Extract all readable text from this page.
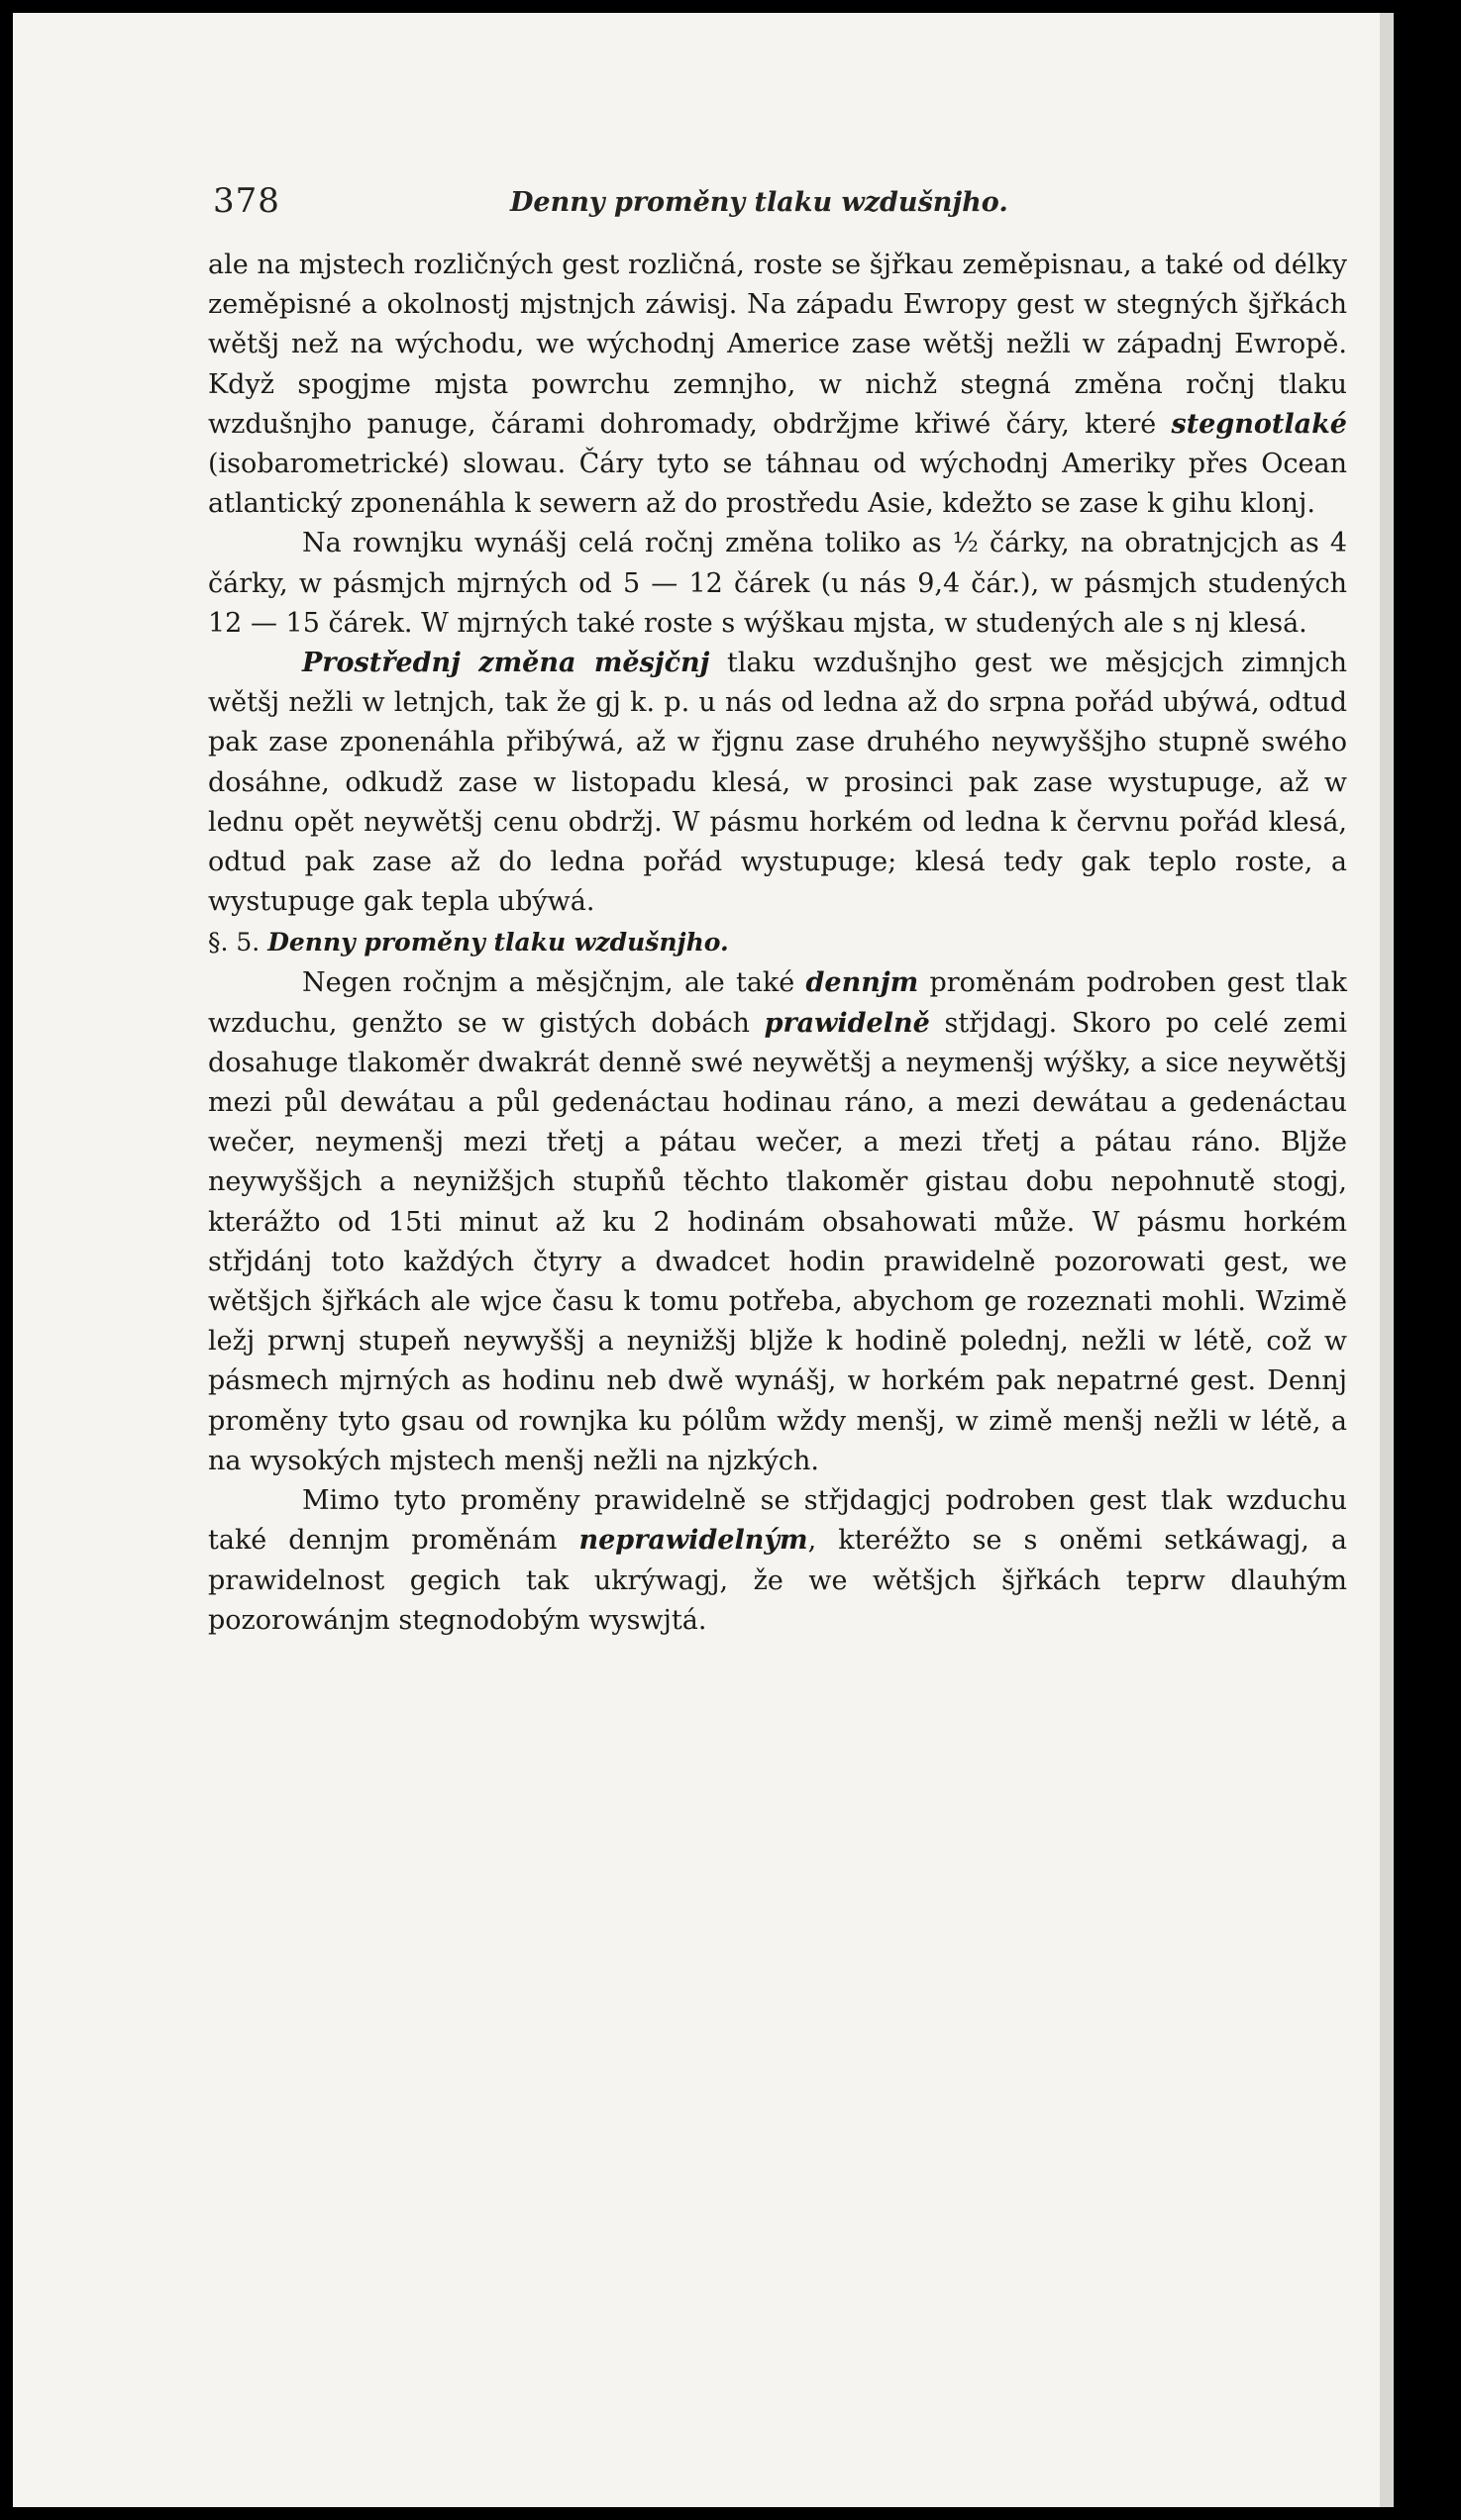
378	Denny proměny tlaku wzdušnjho.

ale na mjstech rozličných gest rozličná, roste se šjřkau zeměpisnau, a také od délky zeměpisné a okolnostj mjstnjch záwisj. Na západu Ewropy gest w stegných šjřkách wětšj než na wýchodu, we wýchodnj Americe zase wětšj nežli w západnj Ewropě. Když spogjme mjsta powrchu zemnjho, w nichž stegná změna ročnj tlaku wzdušnjho panuge, čárami dohromady, obdržjme křiwé čáry, které stegnotlaké (isobarometrické) slowau. Čáry tyto se táhnau od wýchodnj Ameriky přes Ocean atlantický zponenáhla k sewern až do prostředu Asie, kdežto se zase k gihu klonj.

Na rownjku wynášj celá ročnj změna toliko as ½ čárky, na obratnjcjch as 4 čárky, w pásmjch mjrných od 5 — 12 čárek (u nás 9,4 čár.), w pásmjch studených 12 — 15 čárek. W mjrných také roste s wýškau mjsta, w studených ale s nj klesá.

Prostřednj změna měsjčnj tlaku wzdušnjho gest we měsjcjch zimnjch wětšj nežli w letnjch, tak že gj k. p. u nás od ledna až do srpna pořád ubýwá, odtud pak zase zponenáhla přibýwá, až w řjgnu zase druhého neywyššjho stupně swého dosáhne, odkudž zase w listopadu klesá, w prosinci pak zase wystupuge, až w lednu opět neywětšj cenu obdržj. W pásmu horkém od ledna k červnu pořád klesá, odtud pak zase až do ledna pořád wystupuge; klesá tedy gak teplo roste, a wystupuge gak tepla ubýwá.

§. 5. Denny proměny tlaku wzdušnjho.

Negen ročnjm a měsjčnjm, ale také dennjm proměnám podroben gest tlak wzduchu, genžto se w gistých dobách prawidelně střjdagj. Skoro po celé zemi dosahuge tlakoměr dwakrát denně swé neywětšj a neymenšj wýšky, a sice neywětšj mezi půl dewátau a půl gedenáctau hodinau ráno, a mezi dewátau a gedenáctau wečer, neymenšj mezi třetj a pátau wečer, a mezi třetj a pátau ráno. Bljže neywyššjch a neynižšjch stupňů těchto tlakoměr gistau dobu nepohnutě stogj, kterážto od 15ti minut až ku 2 hodinám obsahowati může. W pásmu horkém střjdánj toto každých čtyry a dwadcet hodin prawidelně pozorowati gest, we wětšjch šjřkách ale wjce času k tomu potřeba, abychom ge rozeznati mohli. Wzimě ležj prwnj stupeň neywyššj a neynižšj bljže k hodině polednj, nežli w létě, což w pásmech mjrných as hodinu neb dwě wynášj, w horkém pak nepatrné gest. Dennj proměny tyto gsau od rownjka ku pólům wždy menšj, w zimě menšj nežli w létě, a na wysokých mjstech menšj nežli na njzkých.

Mimo tyto proměny prawidelně se střjdagjcj podroben gest tlak wzduchu také dennjm proměnám neprawidelným, kteréžto se s oněmi setkáwagj, a prawidelnost gegich tak ukrýwagj, že we wětšjch šjřkách teprw dlauhým pozorowánjm stegnodobým wyswjtá.
